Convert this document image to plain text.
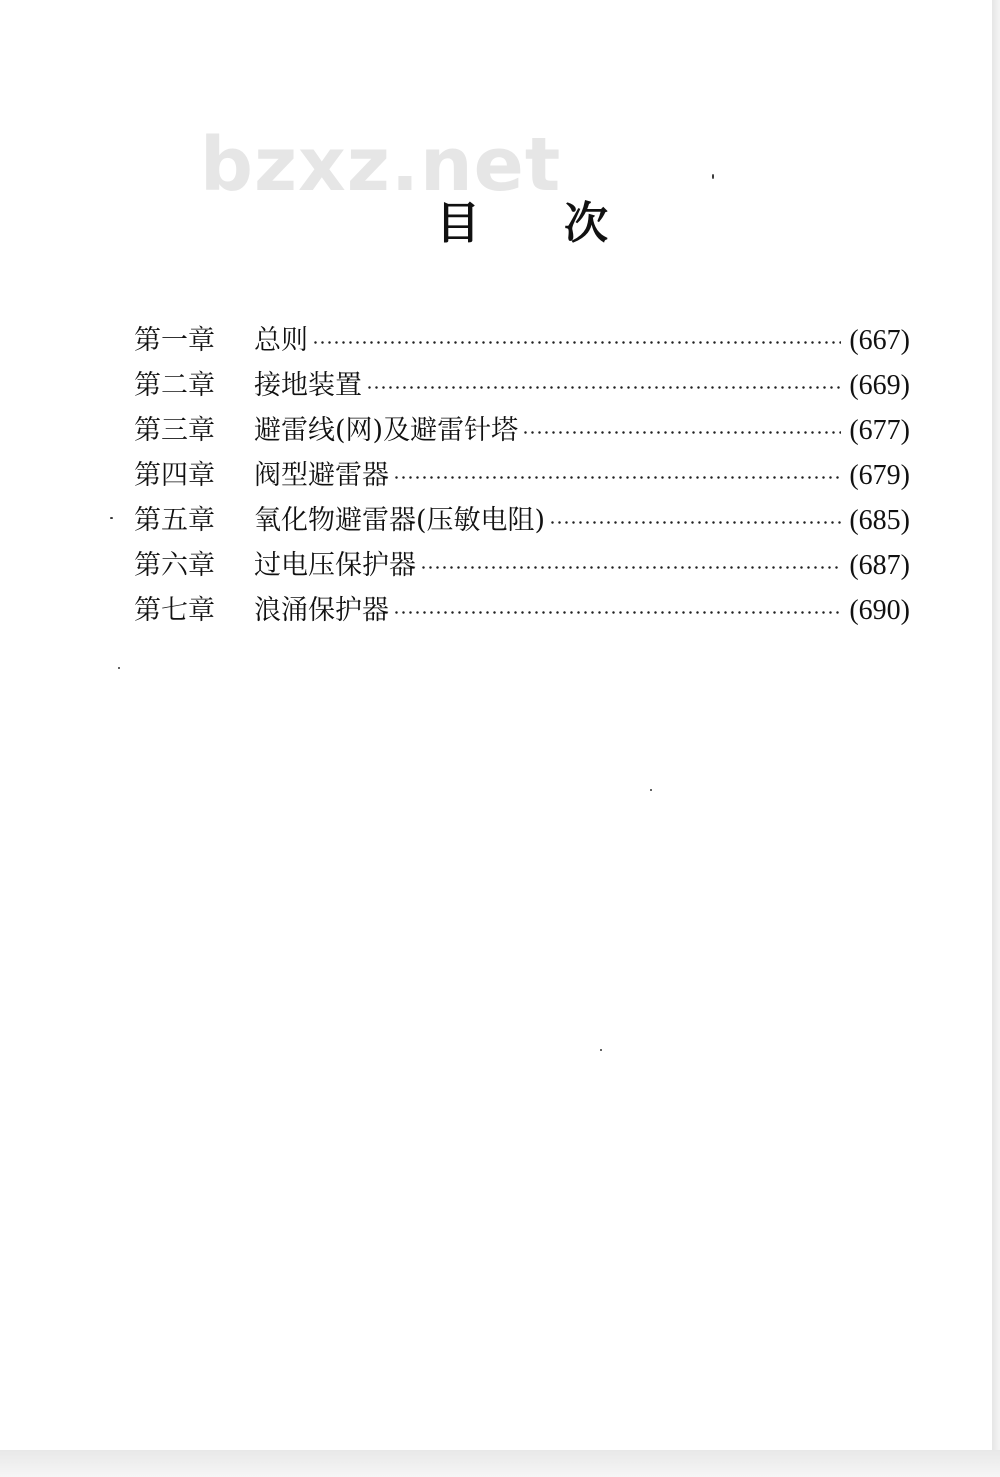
bzxz.net
目 次
第一章	总则	(667)
第二章	接地装置	(669)
第三章	避雷线(网)及避雷针塔	(677)
第四章	阀型避雷器	(679)
第五章	氧化物避雷器(压敏电阻)	(685)
第六章	过电压保护器	(687)
第七章	浪涌保护器	(690)
